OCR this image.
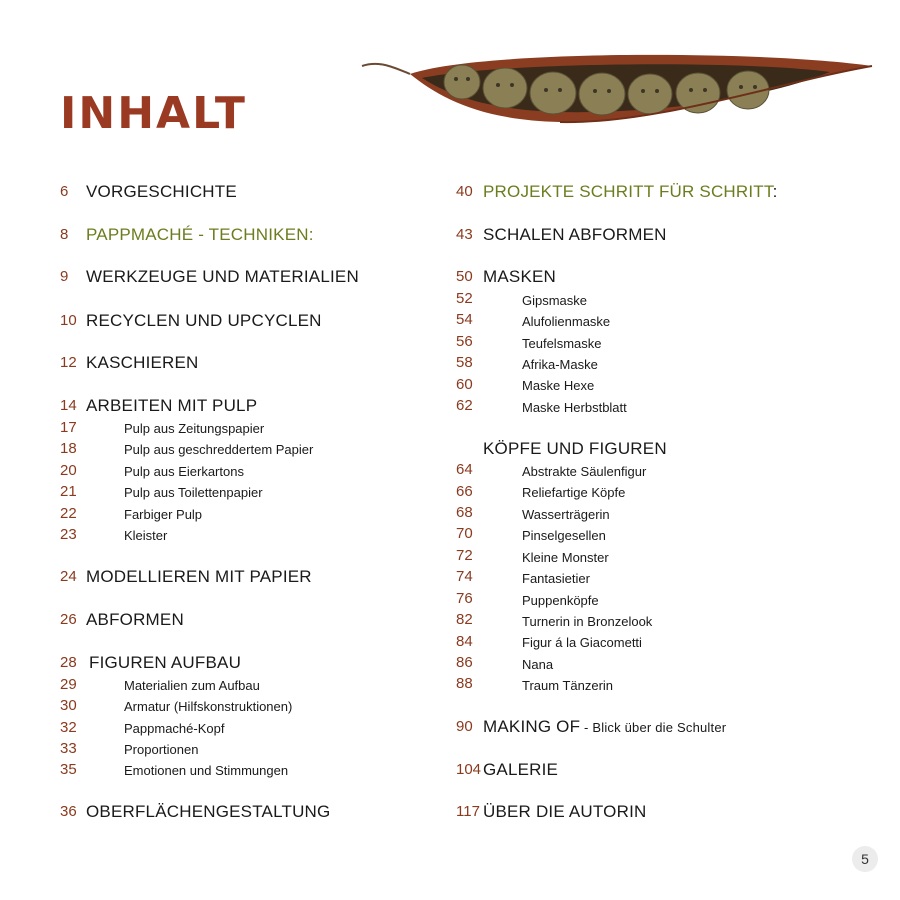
INHALT
6 VORGESCHICHTE
8 PAPPMACHÉ - TECHNIKEN:
9 WERKZEUGE UND MATERIALIEN
10 RECYCLEN UND UPCYCLEN
12 KASCHIEREN
14 ARBEITEN MIT PULP
17	Pulp aus Zeitungspapier
18	Pulp aus geschreddertem Papier
20	Pulp aus Eierkartons
21	Pulp aus Toilettenpapier
22	Farbiger Pulp
23	Kleister
24 MODELLIEREN MIT PAPIER
26 ABFORMEN
28 FIGUREN AUFBAU
29	Materialien zum Aufbau
30	Armatur (Hilfskonstruktionen)
32	Pappmaché-Kopf
33	Proportionen
35	Emotionen und Stimmungen
36 OBERFLÄCHENGESTALTUNG
40 PROJEKTE SCHRITT FÜR SCHRITT:
43 SCHALEN ABFORMEN
50 MASKEN
52	Gipsmaske
54	Alufolienmaske
56	Teufelsmaske
58	Afrika-Maske
60	Maske Hexe
62	Maske Herbstblatt
KÖPFE UND FIGUREN
64	Abstrakte Säulenfigur
66	Reliefartige Köpfe
68	Wasserträgerin
70	Pinselgesellen
72	Kleine Monster
74	Fantasietier
76	Puppenköpfe
82	Turnerin in Bronzelook
84	Figur á la Giacometti
86	Nana
88	Traum Tänzerin
90 MAKING OF - Blick über die Schulter
104 GALERIE
117 ÜBER DIE AUTORIN
5
